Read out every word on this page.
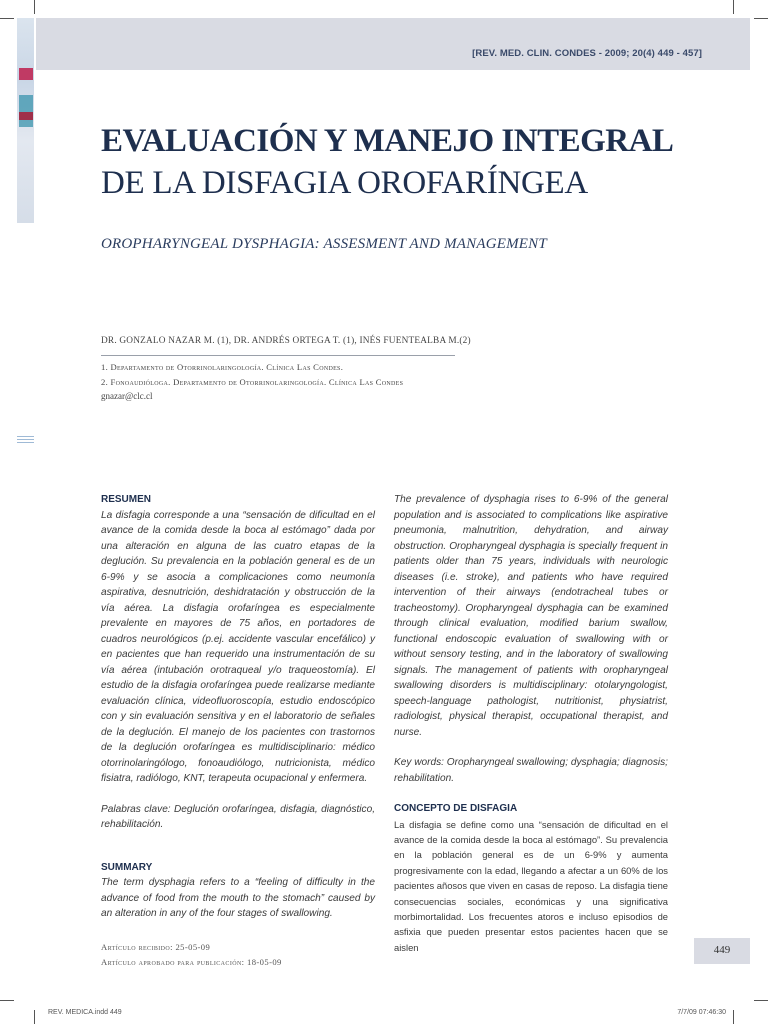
[REV. MED. CLIN. CONDES - 2009; 20(4) 449 - 457]
EVALUACIÓN Y MANEJO INTEGRAL
DE LA DISFAGIA OROFARÍNGEA
OROPHARYNGEAL DYSPHAGIA: ASSESMENT AND MANAGEMENT
DR. GONZALO NAZAR M. (1), DR. ANDRÉS ORTEGA T. (1), INÉS FUENTEALBA M.(2)
1. Departamento de Otorrinolaringología. Clínica Las Condes.
2. Fonoaudióloga. Departamento de Otorrinolaringología. Clínica Las Condes
gnazar@clc.cl

RESUMEN

La disfagia corresponde a una “sensación de dificultad en el avance de la comida desde la boca al estómago” dada por una alteración en alguna de las cuatro etapas de la deglución. Su prevalencia en la población general es de un 6-9% y se asocia a complicaciones como neumonía aspirativa, desnutrición, deshidratación y obstrucción de la vía aérea. La disfagia orofaríngea es especialmente prevalente en mayores de 75 años, en portadores de cuadros neurológicos (p.ej. accidente vascular encefálico) y en pacientes que han requerido una instrumentación de su vía aérea (intubación orotraqueal y/o traqueostomía). El estudio de la disfagia orofaríngea puede realizarse mediante evaluación clínica, videofluoroscopía, estudio endoscópico con y sin evaluación sensitiva y en el laboratorio de señales de la deglución. El manejo de los pacientes con trastornos de la deglución orofaríngea es multidisciplinario: médico otorrinolaringólogo, fonoaudiólogo, nutricionista, médico fisiatra, radiólogo, KNT, terapeuta ocupacional y enfermera.

Palabras clave: Deglución orofaríngea, disfagia, diagnóstico, rehabilitación.

SUMMARY

The term dysphagia refers to a “feeling of difficulty in the advance of food from the mouth to the stomach” caused by an alteration in any of the four stages of swallowing.

The prevalence of dysphagia rises to 6-9% of the general population and is associated to complications like aspirative pneumonia, malnutrition, dehydration, and airway obstruction. Oropharyngeal dysphagia is specially frequent in patients older than 75 years, individuals with neurologic diseases (i.e. stroke), and patients who have required intervention of their airways (endotracheal tubes or tracheostomy). Oropharyngeal dysphagia can be examined through clinical evaluation, modified barium swallow, functional endoscopic evaluation of swallowing with or without sensory testing, and in the laboratory of swallowing signals. The management of patients with oropharyngeal swallowing disorders is multidisciplinary: otolaryngologist, speech-language pathologist, nutritionist, physiatrist, radiologist, physical therapist, occupational therapist, and nurse.

Key words: Oropharyngeal swallowing; dysphagia; diagnosis; rehabilitation.

CONCEPTO DE DISFAGIA

La disfagia se define como una “sensación de dificultad en el avance de la comida desde la boca al estómago”. Su prevalencia en la población general es de un 6-9% y aumenta progresivamente con la edad, llegando a afectar a un 60% de los pacientes añosos que viven en casas de reposo. La disfagia tiene consecuencias sociales, económicas y una significativa morbimortalidad. Los frecuentes atoros e incluso episodios de asfixia que pueden presentar estos pacientes hacen que se aislen

Artículo recibido: 25-05-09
Artículo aprobado para publicación: 18-05-09
449
REV. MEDICA.indd 449	7/7/09 07:46:30
